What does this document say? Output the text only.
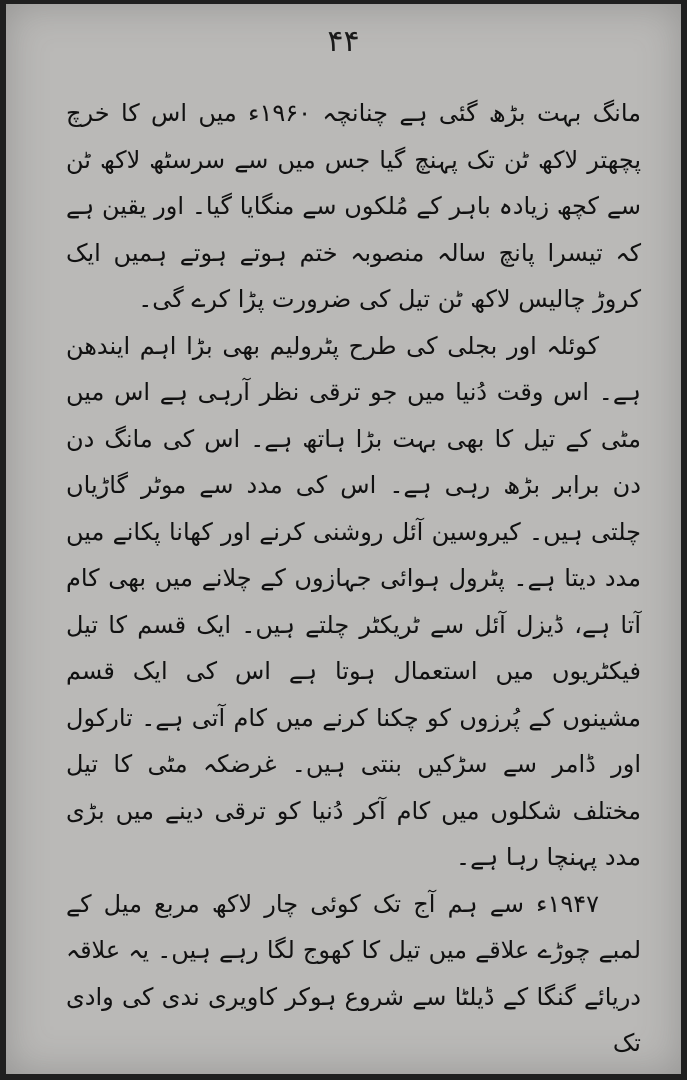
۴۴

مانگ بہت بڑھ گئی ہے چنانچہ ۱۹۶۰ء میں اس کا خرچ پچھتر لاکھ ٹن تک پہنچ گیا جس میں سے سرسٹھ لاکھ ٹن سے کچھ زیادہ باہر کے مُلکوں سے منگایا گیا۔ اور یقین ہے کہ تیسرا پانچ سالہ منصوبہ ختم ہوتے ہوتے ہمیں ایک کروڑ چالیس لاکھ ٹن تیل کی ضرورت پڑا کرے گی۔

کوئلہ اور بجلی کی طرح پٹرولیم بھی بڑا اہم ایندھن ہے۔ اس وقت دُنیا میں جو ترقی نظر آرہی ہے اس میں مٹی کے تیل کا بھی بہت بڑا ہاتھ ہے۔ اس کی مانگ دن دن برابر بڑھ رہی ہے۔ اس کی مدد سے موٹر گاڑیاں چلتی ہیں۔ کیروسین آئل روشنی کرنے اور کھانا پکانے میں مدد دیتا ہے۔ پٹرول ہوائی جہازوں کے چلانے میں بھی کام آتا ہے، ڈیزل آئل سے ٹریکٹر چلتے ہیں۔ ایک قسم کا تیل فیکٹریوں میں استعمال ہوتا ہے اس کی ایک قسم مشینوں کے پُرزوں کو چکنا کرنے میں کام آتی ہے۔ تارکول اور ڈامر سے سڑکیں بنتی ہیں۔ غرضکہ مٹی کا تیل مختلف شکلوں میں کام آکر دُنیا کو ترقی دینے میں بڑی مدد پہنچا رہا ہے۔

۱۹۴۷ء سے ہم آج تک کوئی چار لاکھ مربع میل کے لمبے چوڑے علاقے میں تیل کا کھوج لگا رہے ہیں۔ یہ علاقہ دریائے گنگا کے ڈیلٹا سے شروع ہوکر کاویری ندی کی وادی تک
